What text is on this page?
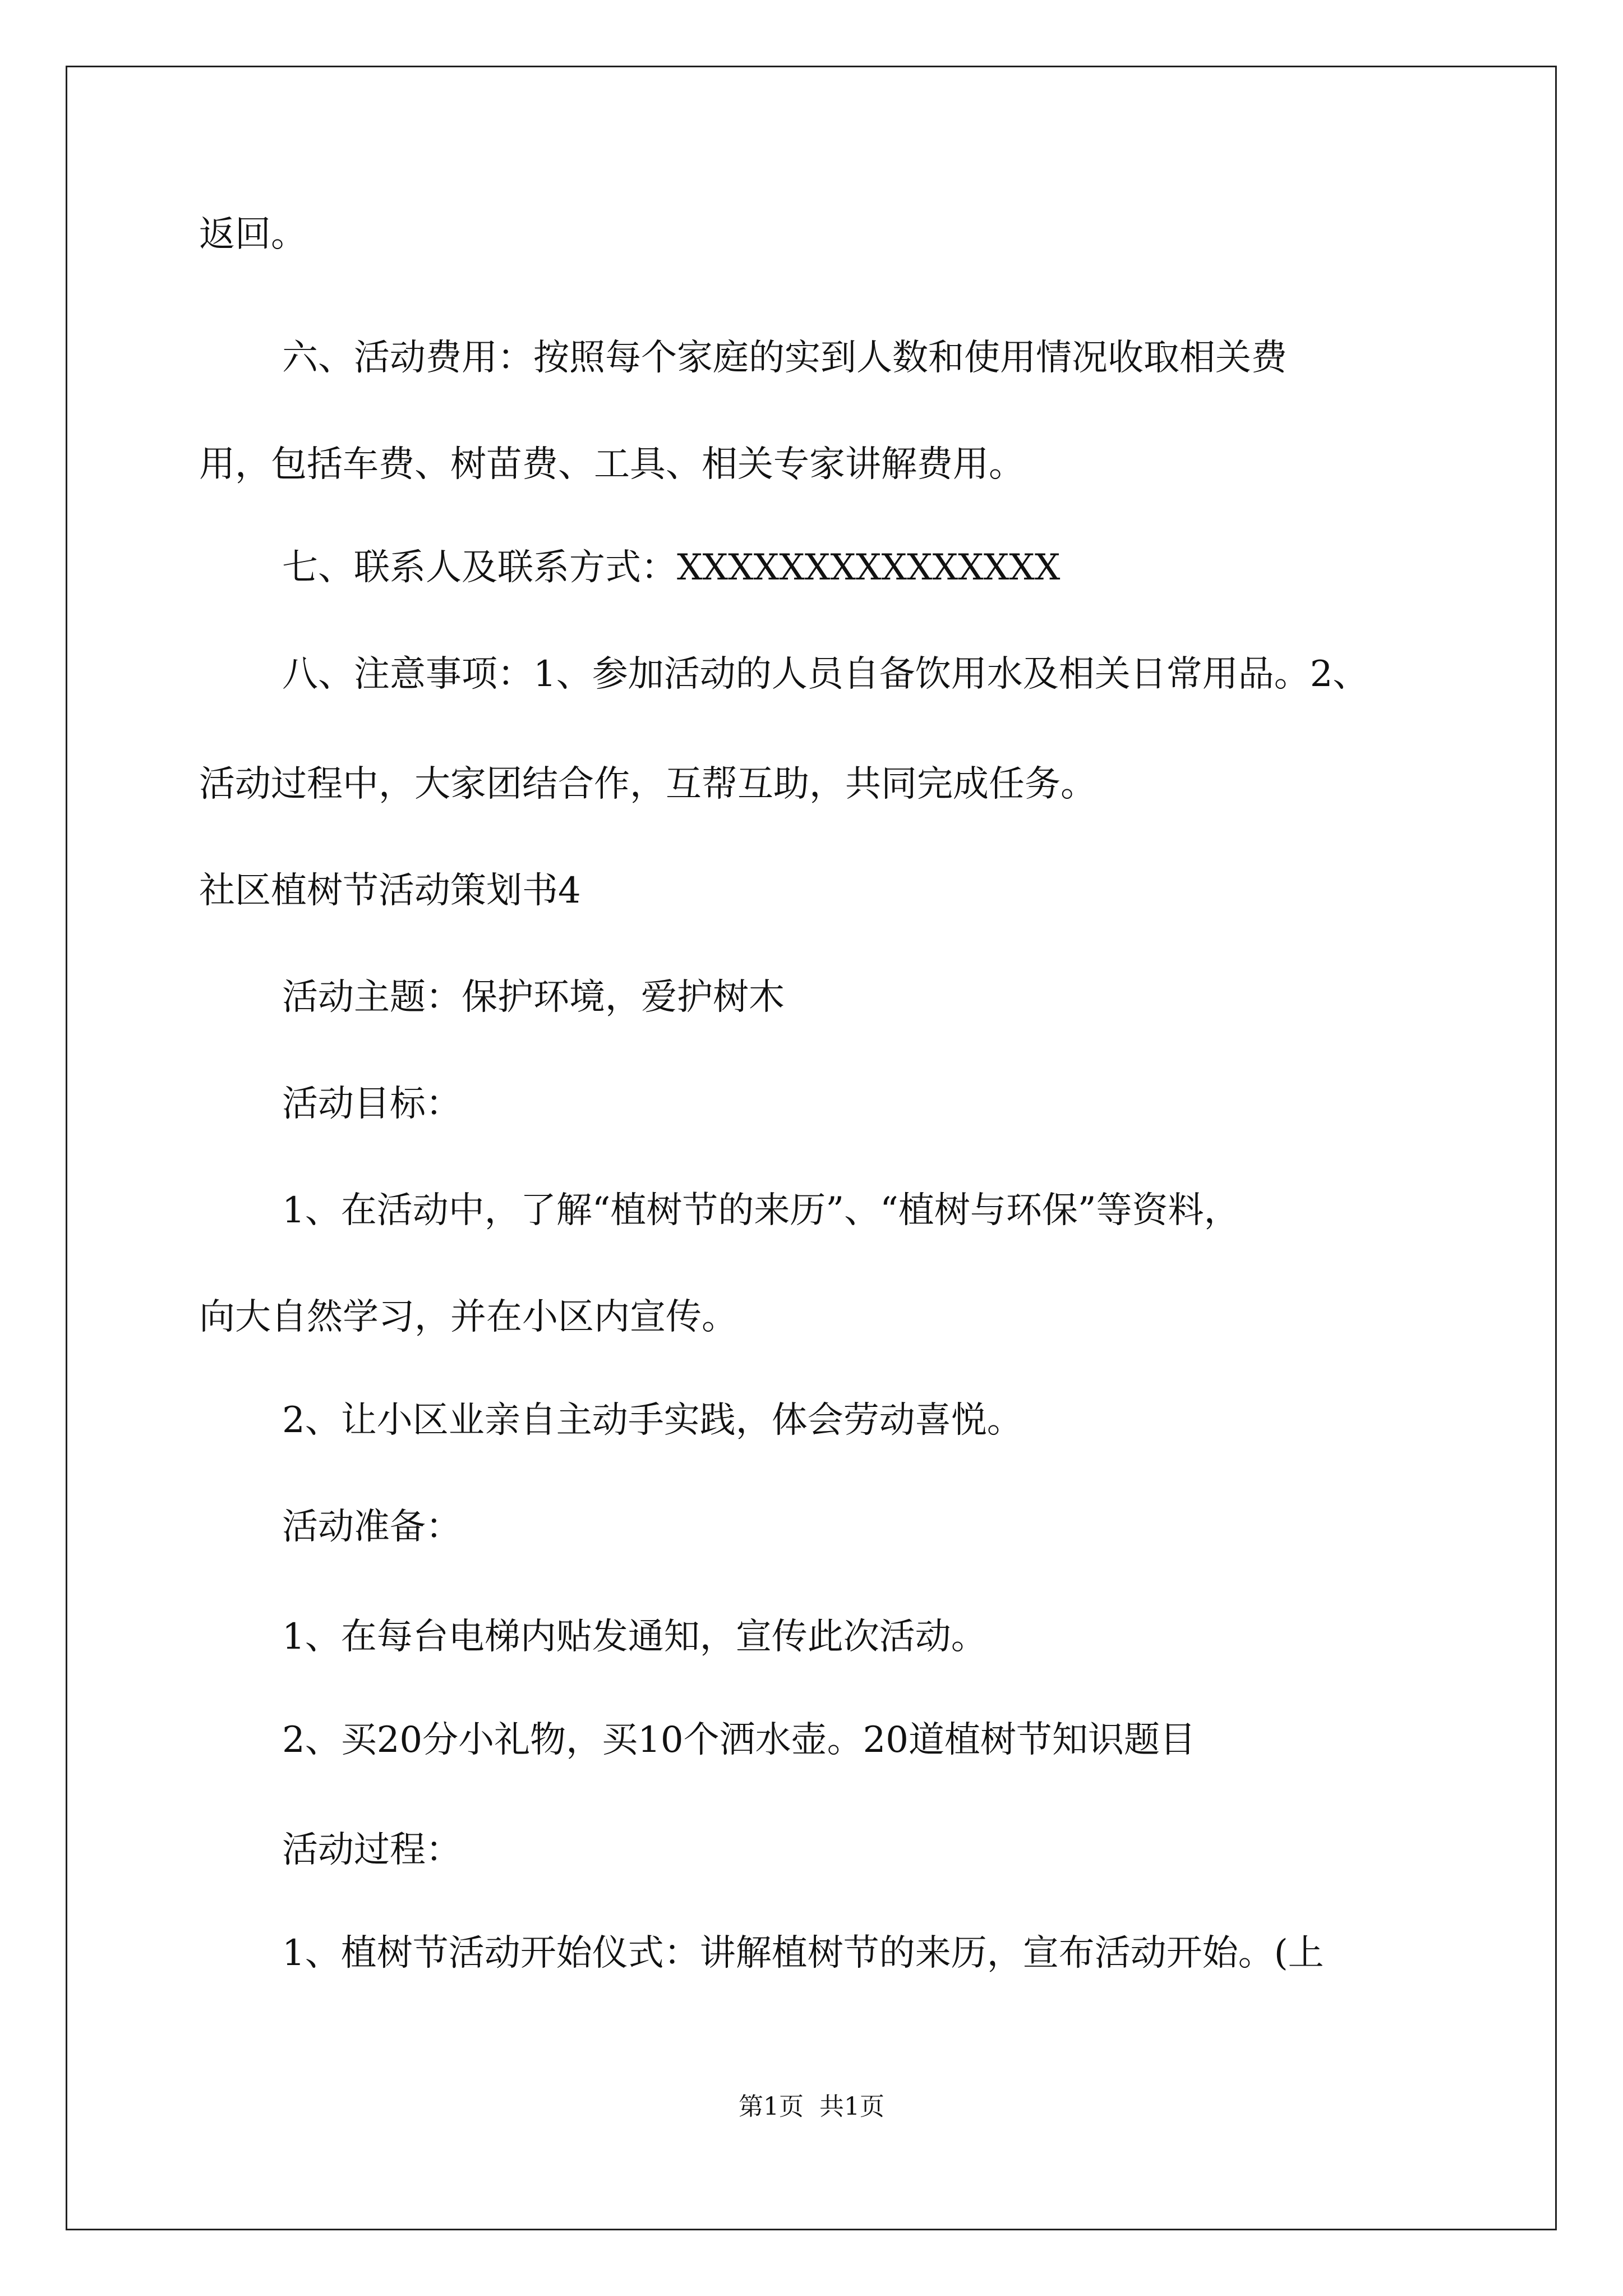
返回。
六、活动费用：按照每个家庭的实到人数和使用情况收取相关费
用，包括车费、树苗费、工具、相关专家讲解费用。
七、联系人及联系方式：XXXXXXXXXXXXXXX
八、注意事项：1、参加活动的人员自备饮用水及相关日常用品。2、
活动过程中，大家团结合作，互帮互助，共同完成任务。
社区植树节活动策划书4
活动主题：保护环境，爱护树木
活动目标：
1、在活动中，了解“植树节的来历”、“植树与环保”等资料，
向大自然学习，并在小区内宣传。
2、让小区业亲自主动手实践，体会劳动喜悦。
活动准备：
1、在每台电梯内贴发通知，宣传此次活动。
2、买20分小礼物，买10个洒水壶。20道植树节知识题目
活动过程：
1、植树节活动开始仪式：讲解植树节的来历，宣布活动开始。(上
第1页  共1页
